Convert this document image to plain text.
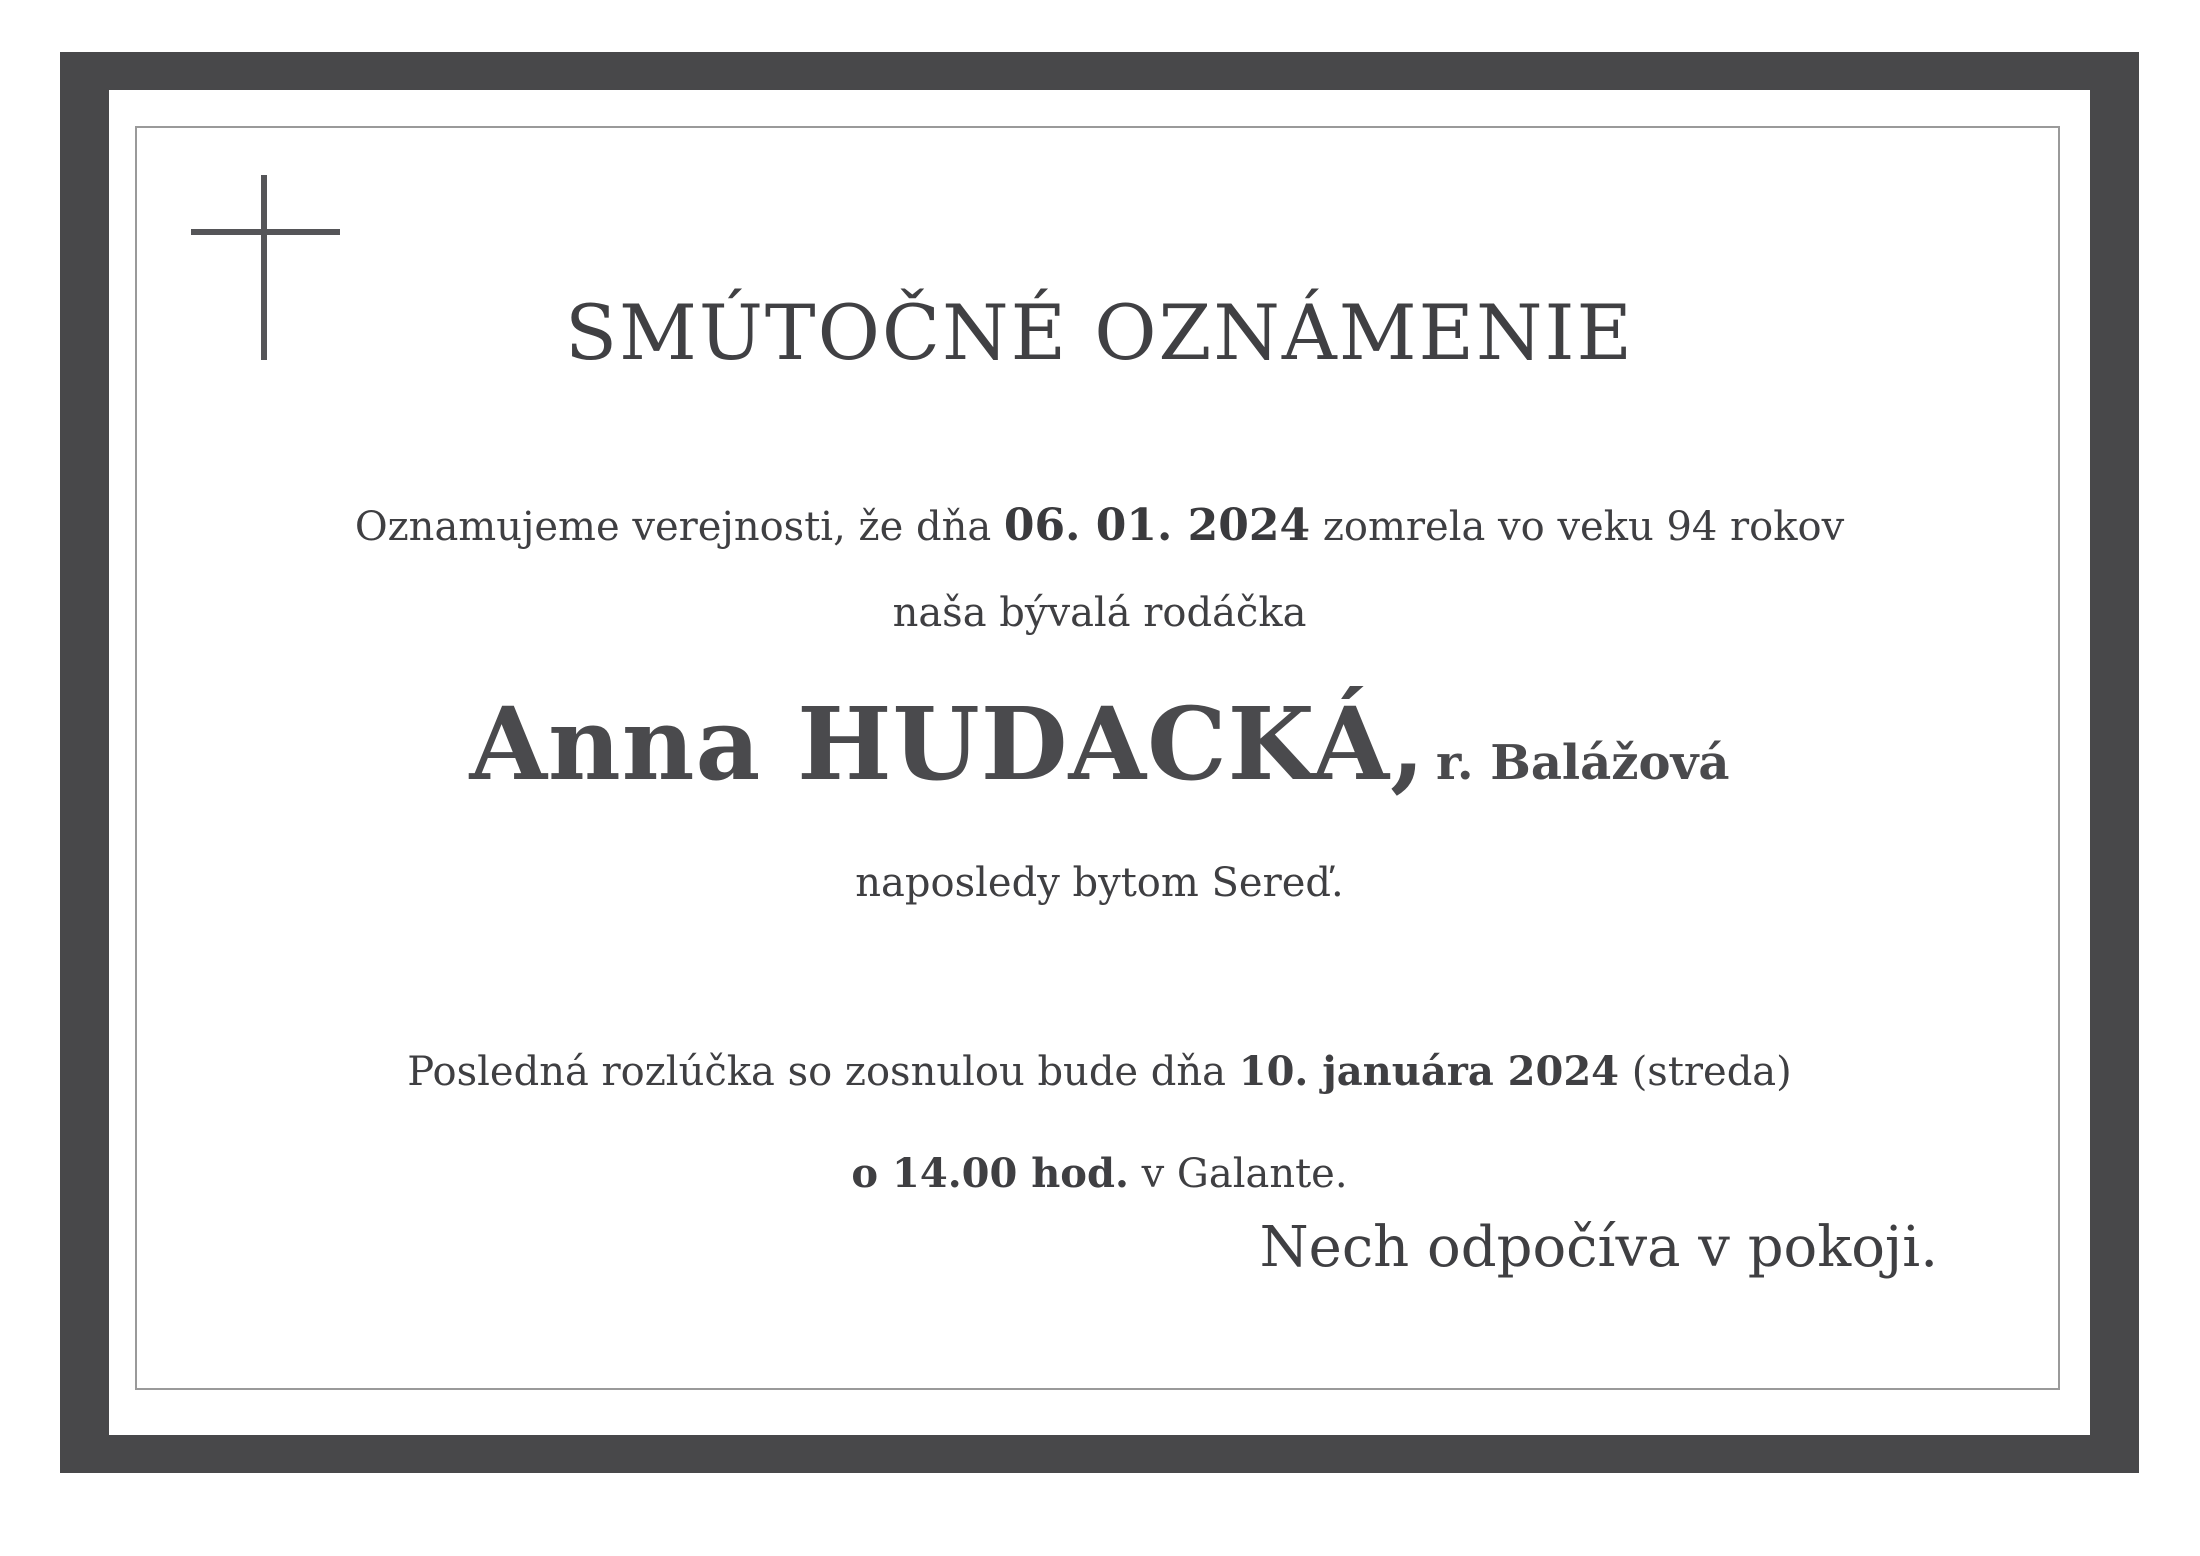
SMÚTOČNÉ OZNÁMENIE
Oznamujeme verejnosti, že dňa 06. 01. 2024 zomrela vo veku 94 rokov
naša bývalá rodáčka
Anna HUDACKÁ, r. Balážová
naposledy bytom Sereď.
Posledná rozlúčka so zosnulou bude dňa 10. januára 2024 (streda)
o 14.00 hod. v Galante.
Nech odpočíva v pokoji.
